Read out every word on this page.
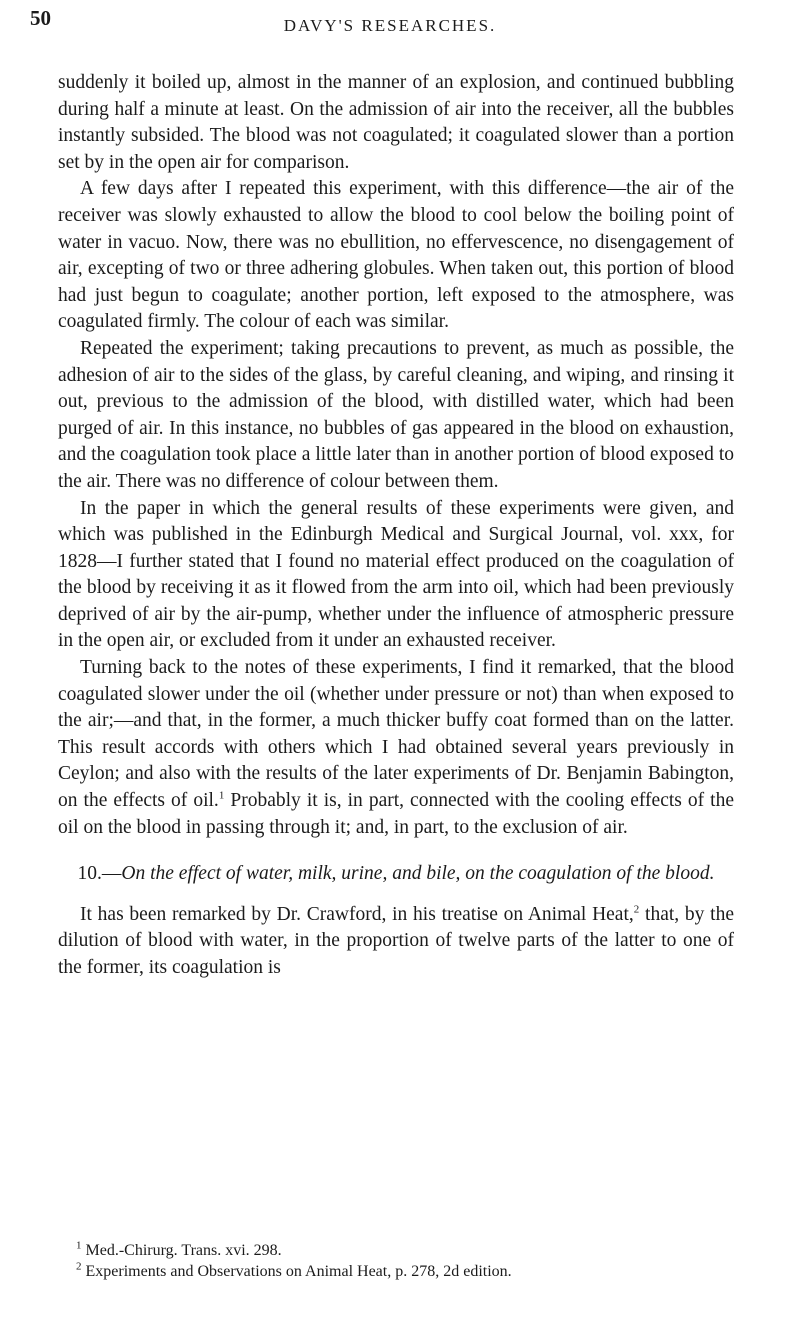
50	DAVY'S RESEARCHES.

suddenly it boiled up, almost in the manner of an explosion, and continued bubbling during half a minute at least. On the admission of air into the receiver, all the bubbles instantly subsided. The blood was not coagulated; it coagulated slower than a portion set by in the open air for comparison.

A few days after I repeated this experiment, with this difference—the air of the receiver was slowly exhausted to allow the blood to cool below the boiling point of water in vacuo. Now, there was no ebullition, no effervescence, no disengagement of air, excepting of two or three adhering globules. When taken out, this portion of blood had just begun to coagulate; another portion, left exposed to the atmosphere, was coagulated firmly. The colour of each was similar.

Repeated the experiment; taking precautions to prevent, as much as possible, the adhesion of air to the sides of the glass, by careful cleaning, and wiping, and rinsing it out, previous to the admission of the blood, with distilled water, which had been purged of air. In this instance, no bubbles of gas appeared in the blood on exhaustion, and the coagulation took place a little later than in another portion of blood exposed to the air. There was no difference of colour between them.

In the paper in which the general results of these experiments were given, and which was published in the Edinburgh Medical and Surgical Journal, vol. xxx, for 1828—I further stated that I found no material effect produced on the coagulation of the blood by receiving it as it flowed from the arm into oil, which had been previously deprived of air by the air-pump, whether under the influence of atmospheric pressure in the open air, or excluded from it under an exhausted receiver.

Turning back to the notes of these experiments, I find it remarked, that the blood coagulated slower under the oil (whether under pressure or not) than when exposed to the air;—and that, in the former, a much thicker buffy coat formed than on the latter. This result accords with others which I had obtained several years previously in Ceylon; and also with the results of the later experiments of Dr. Benjamin Babington, on the effects of oil.$^1$ Probably it is, in part, connected with the cooling effects of the oil on the blood in passing through it; and, in part, to the exclusion of air.

10.—On the effect of water, milk, urine, and bile, on the coagulation of the blood.

It has been remarked by Dr. Crawford, in his treatise on Animal Heat,$^2$ that, by the dilution of blood with water, in the proportion of twelve parts of the latter to one of the former, its coagulation is

$^1$ Med.-Chirurg. Trans. xvi. 298.
$^2$ Experiments and Observations on Animal Heat, p. 278, 2d edition.
